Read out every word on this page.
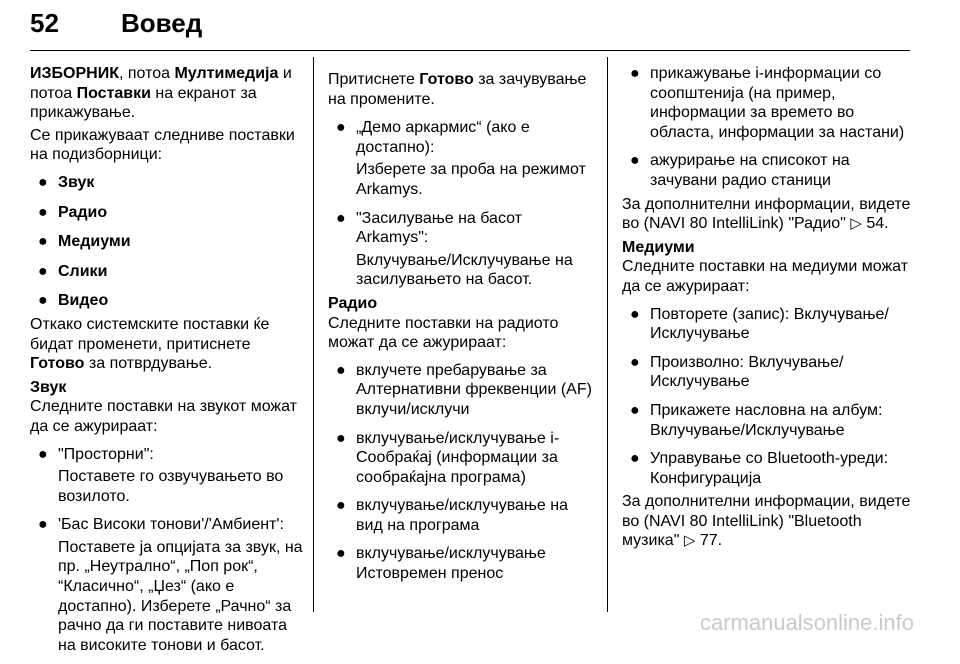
52 Вовед

ИЗБОРНИК, потоа Мултимедија и потоа Поставки на екранот за прикажување.

Се прикажуваат следниве поставки на подизборници:

● Звук
● Радио
● Медиуми
● Слики
● Видео

Откако системските поставки ќе бидат променети, притиснете Готово за потврдување.

Звук

Следните поставки на звукот можат да се ажурираат:

● "Просторни":
Поставете го озвучувањето во возилото.
● 'Бас Високи тонови'/'Амбиент':
Поставете ја опцијата за звук, на пр. „Неутрално“, „Поп рок“, “Класично“, „Џез“ (ако е достапно). Изберете „Рачно“ за рачно да ги поставите нивоата на високите тонови и басот.

Притиснете Готово за зачувување на промените.

● „Демо аркармис“ (ако е достапно):
Изберете за проба на режимот Arkamys.
● "Засилување на басот Arkamys":
Вклучување/Исклучување на засилувањето на басот.

Радио

Следните поставки на радиото можат да се ажурираат:

● вклучете пребарување за Алтернативни фреквенции (AF) вклучи/исклучи
● вклучување/исклучување i-Сообраќај (информации за сообраќајна програма)
● вклучување/исклучување на вид на програма
● вклучување/исклучување Истовремен пренос
● прикажување i-информации со соопштенија (на пример, информации за времето во областа, информации за настани)
● ажурирање на списокот на зачувани радио станици

За дополнителни информации, видете во (NAVI 80 IntelliLink) "Радио" ▷ 54.

Медиуми

Следните поставки на медиуми можат да се ажурираат:

● Повторете (запис): Вклучување/Исклучување
● Произволно: Вклучување/ Исклучување
● Прикажете насловна на албум: Вклучување/Исклучување
● Управување со Bluetooth-уреди: Конфигурација

За дополнителни информации, видете во (NAVI 80 IntelliLink) "Bluetooth музика" ▷ 77.

carmanualsonline.info
